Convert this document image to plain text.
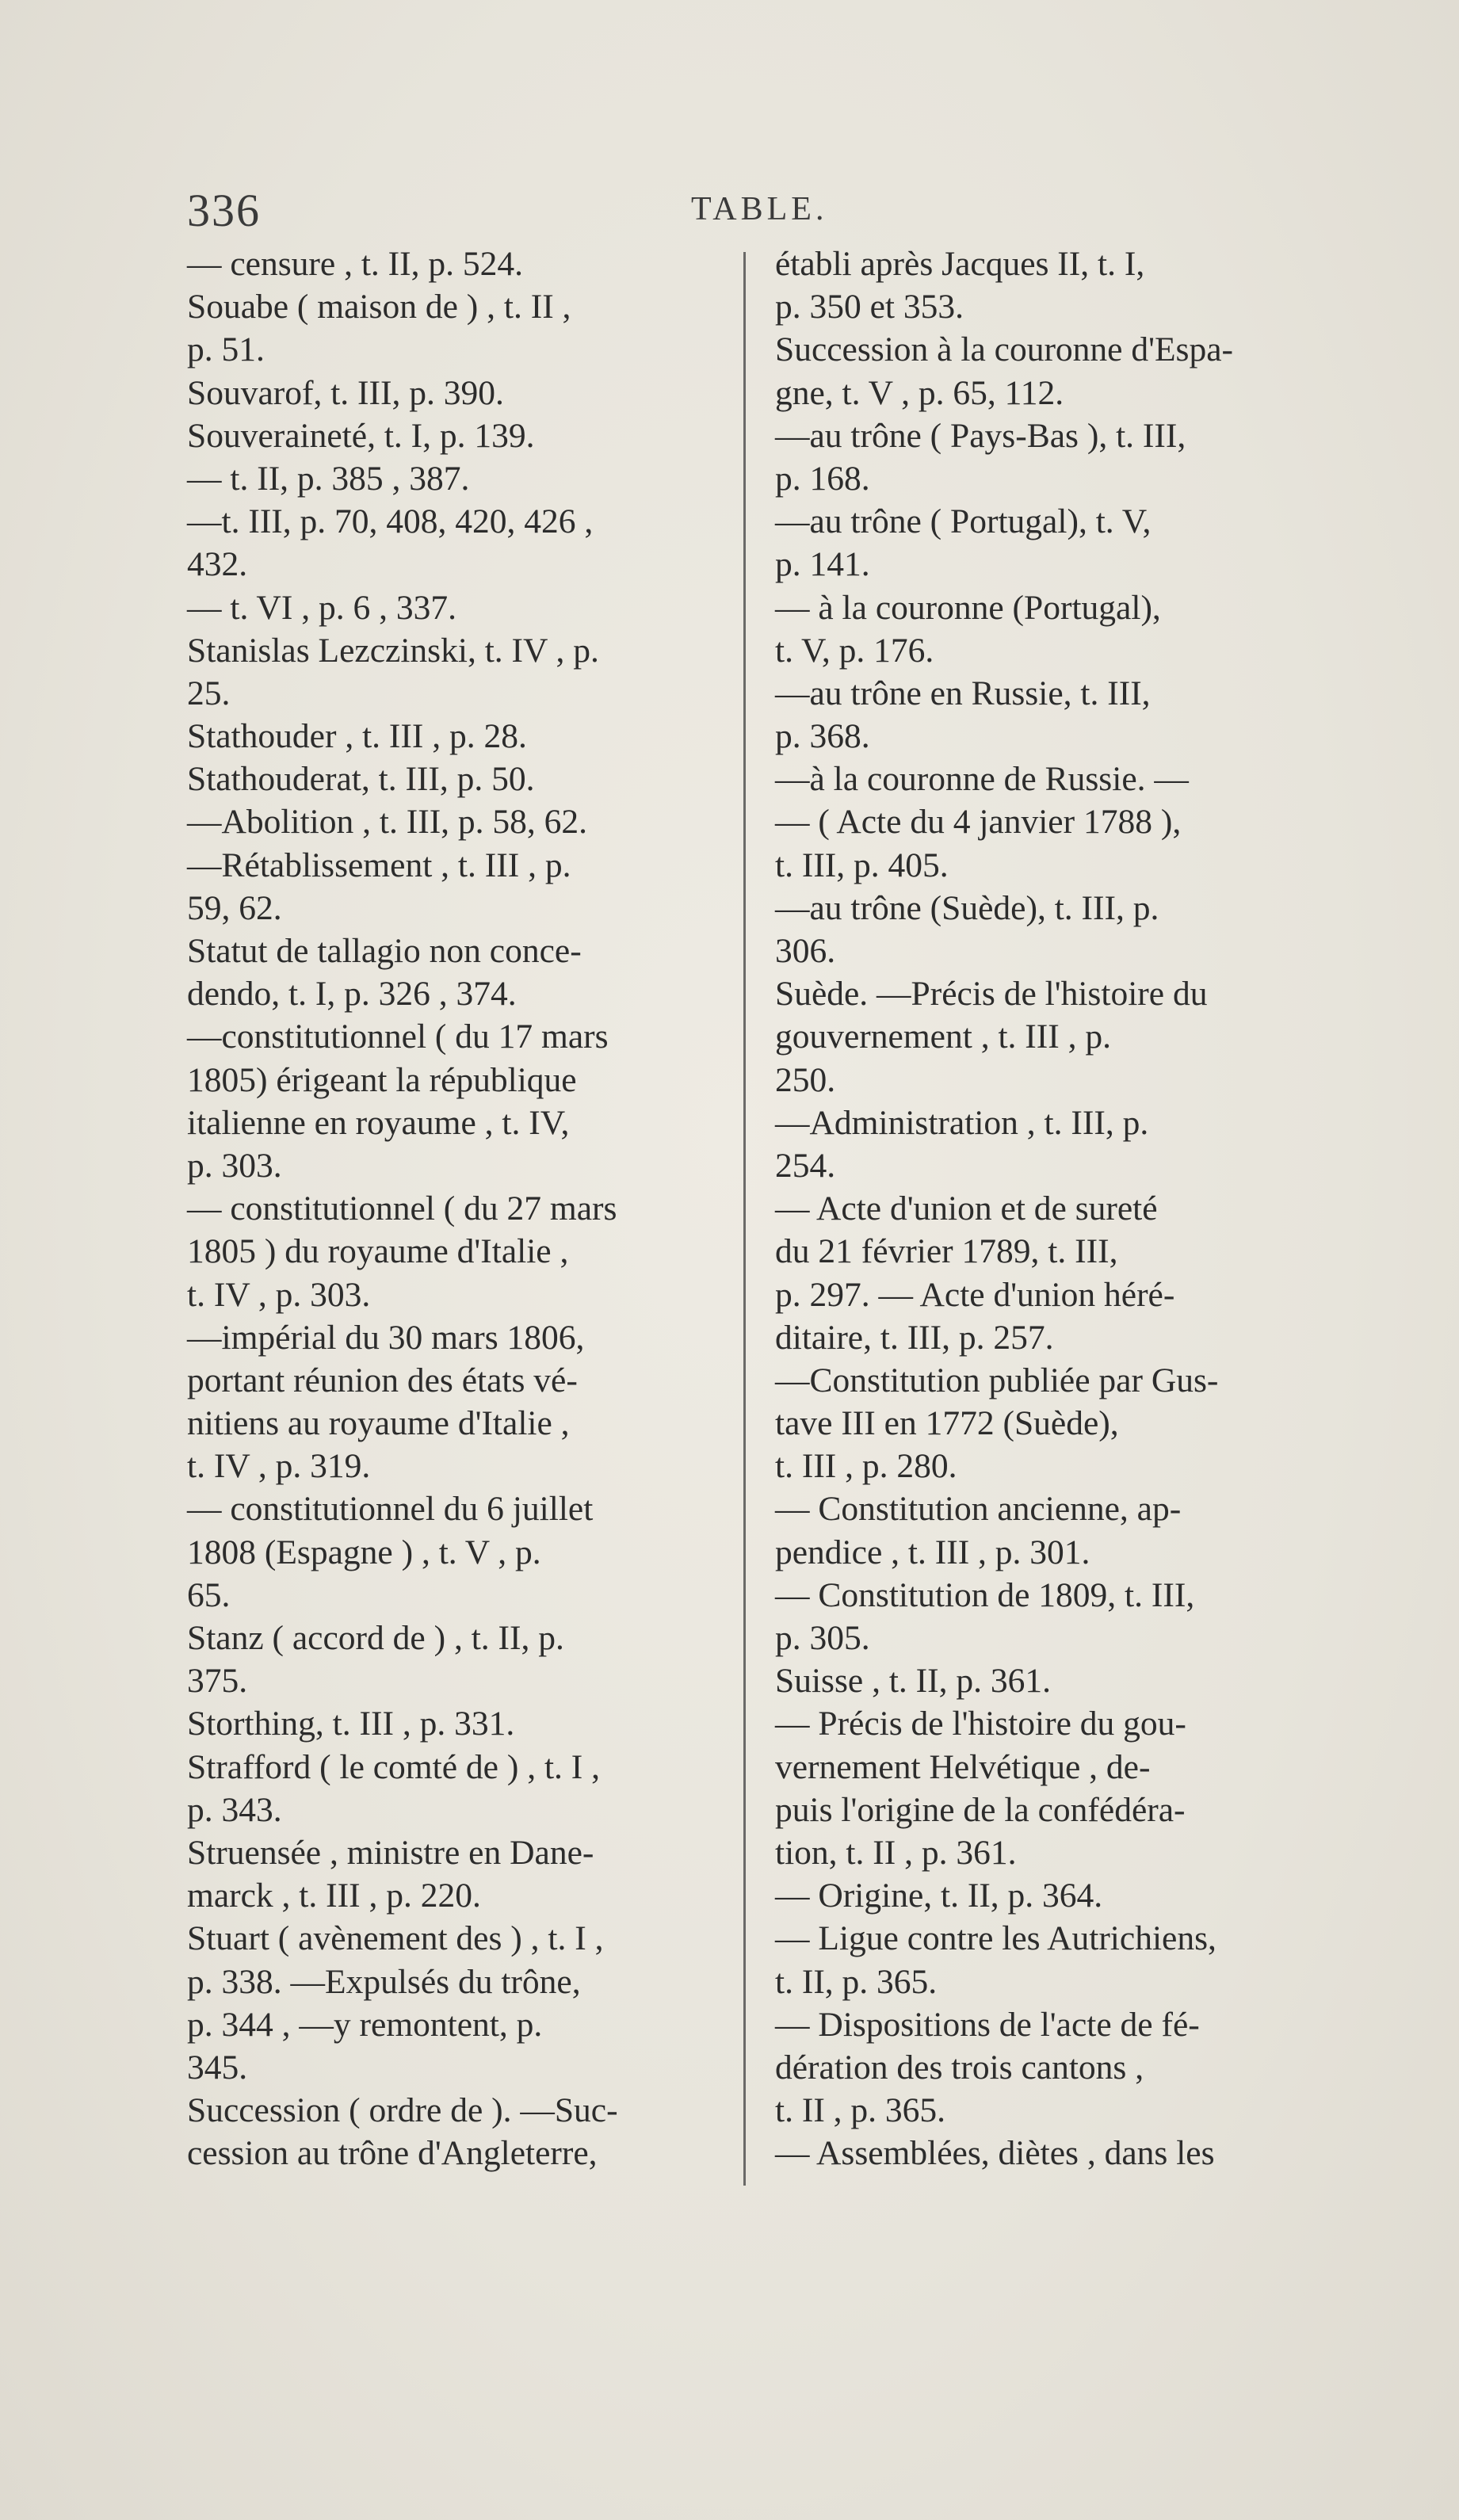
336	TABLE.
— censure , t. II, p. 524.
Souabe ( maison de ) , t. II ,
p. 51.
Souvarof, t. III, p. 390.
Souveraineté, t. I, p. 139.
— t. II, p. 385 , 387.
—t. III, p. 70, 408, 420, 426 ,
432.
— t. VI , p. 6 , 337.
Stanislas Lezczinski, t. IV , p.
25.
Stathouder , t. III , p. 28.
Stathouderat, t. III, p. 50.
—Abolition , t. III, p. 58, 62.
—Rétablissement , t. III , p.
59, 62.
Statut de tallagio non conce-
dendo, t. I, p. 326 , 374.
—constitutionnel ( du 17 mars
1805) érigeant la république
italienne en royaume , t. IV,
p. 303.
— constitutionnel ( du 27 mars
1805 ) du royaume d'Italie ,
t. IV , p. 303.
—impérial du 30 mars 1806,
portant réunion des états vé-
nitiens au royaume d'Italie ,
t. IV , p. 319.
— constitutionnel du 6 juillet
1808 (Espagne ) , t. V , p.
65.
Stanz ( accord de ) , t. II, p.
375.
Storthing, t. III , p. 331.
Strafford ( le comté de ) , t. I ,
p. 343.
Struensée , ministre en Dane-
marck , t. III , p. 220.
Stuart ( avènement des ) , t. I ,
p. 338. —Expulsés du trône,
p. 344 , —y remontent, p.
345.
Succession ( ordre de ). —Suc-
cession au trône d'Angleterre,
établi après Jacques II, t. I,
p. 350 et 353.
Succession à la couronne d'Espa-
gne, t. V , p. 65, 112.
—au trône ( Pays-Bas ), t. III,
p. 168.
—au trône ( Portugal), t. V,
p. 141.
— à la couronne (Portugal),
t. V, p. 176.
—au trône en Russie, t. III,
p. 368.
—à la couronne de Russie. —
— ( Acte du 4 janvier 1788 ),
t. III, p. 405.
—au trône (Suède), t. III, p.
306.
Suède. —Précis de l'histoire du
gouvernement , t. III , p.
250.
—Administration , t. III, p.
254.
— Acte d'union et de sureté
du 21 février 1789, t. III,
p. 297. — Acte d'union héré-
ditaire, t. III, p. 257.
—Constitution publiée par Gus-
tave III en 1772 (Suède),
t. III , p. 280.
— Constitution ancienne, ap-
pendice , t. III , p. 301.
— Constitution de 1809, t. III,
p. 305.
Suisse , t. II, p. 361.
— Précis de l'histoire du gou-
vernement Helvétique , de-
puis l'origine de la confédéra-
tion, t. II , p. 361.
— Origine, t. II, p. 364.
— Ligue contre les Autrichiens,
t. II, p. 365.
— Dispositions de l'acte de fé-
dération des trois cantons ,
t. II , p. 365.
— Assemblées, diètes , dans les
